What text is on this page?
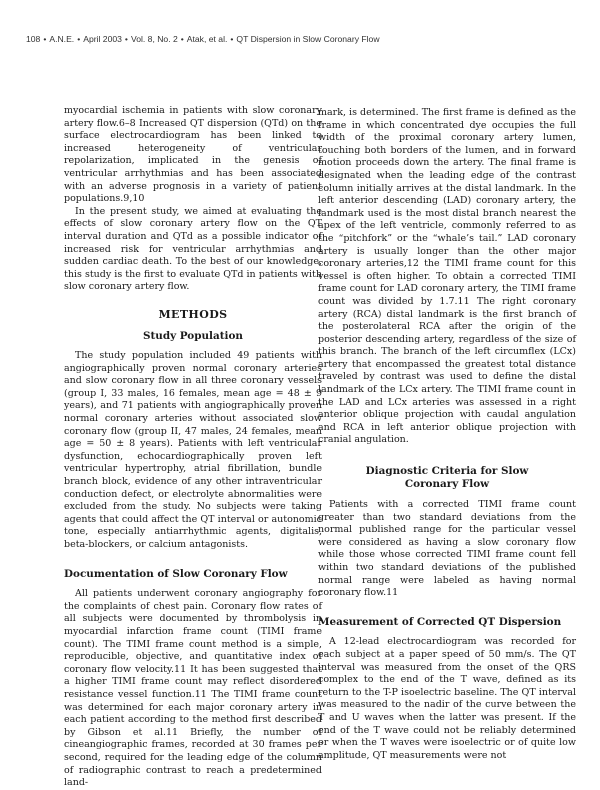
108 • A.N.E. • April 2003 • Vol. 8, No. 2 • Atak, et al. • QT Dispersion in Slow Coronary Flow

myocardial ischemia in patients with slow coronary artery flow.6–8 Increased QT dispersion (QTd) on the surface electrocardiogram has been linked to increased heterogeneity of ventricular repolarization, implicated in the genesis of ventricular arrhythmias and has been associated with an adverse prognosis in a variety of patient populations.9,10

In the present study, we aimed at evaluating the effects of slow coronary artery flow on the QT interval duration and QTd as a possible indicator of increased risk for ventricular arrhythmias and sudden cardiac death. To the best of our knowledge, this study is the first to evaluate QTd in patients with slow coronary artery flow.

METHODS
Study Population

The study population included 49 patients with angiographically proven normal coronary arteries and slow coronary flow in all three coronary vessels (group I, 33 males, 16 females, mean age = 48 ± 9 years), and 71 patients with angiographically proven normal coronary arteries without associated slow coronary flow (group II, 47 males, 24 females, mean age = 50 ± 8 years). Patients with left ventricular dysfunction, echocardiographically proven left ventricular hypertrophy, atrial fibrillation, bundle branch block, evidence of any other intraventricular conduction defect, or electrolyte abnormalities were excluded from the study. No subjects were taking agents that could affect the QT interval or autonomic tone, especially antiarrhythmic agents, digitalis, beta-blockers, or calcium antagonists.

Documentation of Slow Coronary Flow

All patients underwent coronary angiography for the complaints of chest pain. Coronary flow rates of all subjects were documented by thrombolysis in myocardial infarction frame count (TIMI frame count). The TIMI frame count method is a simple, reproducible, objective, and quantitative index of coronary flow velocity.11 It has been suggested that a higher TIMI frame count may reflect disordered resistance vessel function.11 The TIMI frame count was determined for each major coronary artery in each patient according to the method first described by Gibson et al.11 Briefly, the number of cineangiographic frames, recorded at 30 frames per second, required for the leading edge of the column of radiographic contrast to reach a predetermined land-

mark, is determined. The first frame is defined as the frame in which concentrated dye occupies the full width of the proximal coronary artery lumen, touching both borders of the lumen, and in forward motion proceeds down the artery. The final frame is designated when the leading edge of the contrast column initially arrives at the distal landmark. In the left anterior descending (LAD) coronary artery, the landmark used is the most distal branch nearest the apex of the left ventricle, commonly referred to as the “pitchfork” or the “whale’s tail.” LAD coronary artery is usually longer than the other major coronary arteries,12 the TIMI frame count for this vessel is often higher. To obtain a corrected TIMI frame count for LAD coronary artery, the TIMI frame count was divided by 1.7.11 The right coronary artery (RCA) distal landmark is the first branch of the posterolateral RCA after the origin of the posterior descending artery, regardless of the size of this branch. The branch of the left circumflex (LCx) artery that encompassed the greatest total distance traveled by contrast was used to define the distal landmark of the LCx artery. The TIMI frame count in the LAD and LCx arteries was assessed in a right anterior oblique projection with caudal angulation and RCA in left anterior oblique projection with cranial angulation.

Diagnostic Criteria for Slow
Coronary Flow

Patients with a corrected TIMI frame count greater than two standard deviations from the normal published range for the particular vessel were considered as having a slow coronary flow while those whose corrected TIMI frame count fell within two standard deviations of the published normal range were labeled as having normal coronary flow.11

Measurement of Corrected QT Dispersion

A 12-lead electrocardiogram was recorded for each subject at a paper speed of 50 mm/s. The QT interval was measured from the onset of the QRS complex to the end of the T wave, defined as its return to the T-P isoelectric baseline. The QT interval was measured to the nadir of the curve between the T and U waves when the latter was present. If the end of the T wave could not be reliably determined or when the T waves were isoelectric or of quite low amplitude, QT measurements were not
